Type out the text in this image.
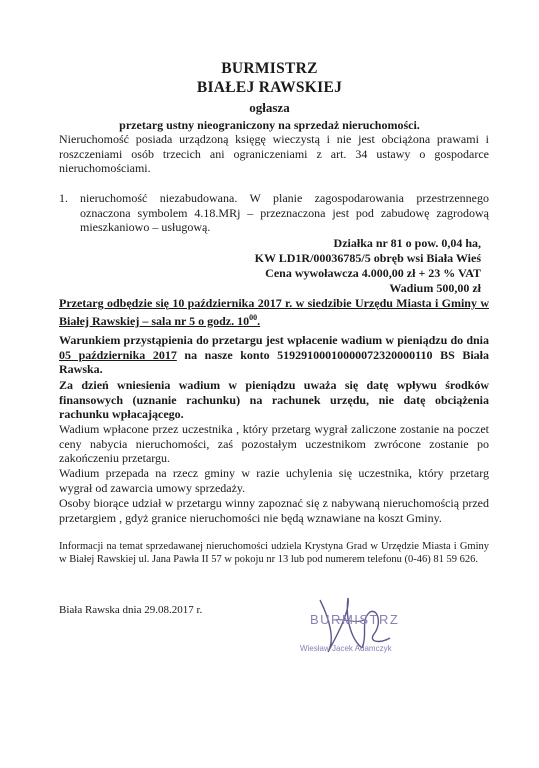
BURMISTRZ
BIAŁEJ RAWSKIEJ
ogłasza
przetarg ustny nieograniczony na sprzedaż nieruchomości.
Nieruchomość posiada urządzoną księgę wieczystą i nie jest obciążona prawami i roszczeniami osób trzecich ani ograniczeniami z art. 34 ustawy o gospodarce nieruchomościami.
1. nieruchomość niezabudowana. W planie zagospodarowania przestrzennego oznaczona symbolem 4.18.MRj – przeznaczona jest pod zabudowę zagrodową mieszkaniowo – usługową.
Działka nr 81 o pow. 0,04 ha,
KW LD1R/00036785/5 obręb wsi Biała Wieś
Cena wywoławcza 4.000,00 zł + 23 % VAT
Wadium 500,00 zł
Przetarg odbędzie się 10 października 2017 r. w siedzibie Urzędu Miasta i Gminy w Białej Rawskiej – sala nr 5 o godz. $10^{00}$.
Warunkiem przystąpienia do przetargu jest wpłacenie wadium w pieniądzu do dnia 05 października 2017 na nasze konto 51929100010000072320000110 BS Biała Rawska.
Za dzień wniesienia wadium w pieniądzu uważa się datę wpływu środków finansowych (uznanie rachunku) na rachunek urzędu, nie datę obciążenia rachunku wpłacającego.
Wadium wpłacone przez uczestnika , który przetarg wygrał zaliczone zostanie na poczet ceny nabycia nieruchomości, zaś pozostałym uczestnikom zwrócone zostanie po zakończeniu przetargu.
Wadium przepada na rzecz gminy w razie uchylenia się uczestnika, który przetarg wygrał od zawarcia umowy sprzedaży.
Osoby biorące udział w przetargu winny zapoznać się z nabywaną nieruchomością przed przetargiem , gdyż granice nieruchomości nie będą wznawiane na koszt Gminy.
Informacji na temat sprzedawanej nieruchomości udziela Krystyna Grad w Urzędzie Miasta i Gminy w Białej Rawskiej ul. Jana Pawła II 57 w pokoju nr 13 lub pod numerem telefonu (0-46) 81 59 626.
Biała Rawska dnia 29.08.2017 r.
BURMISTRZ
Wiesław Jacek Adamczyk
